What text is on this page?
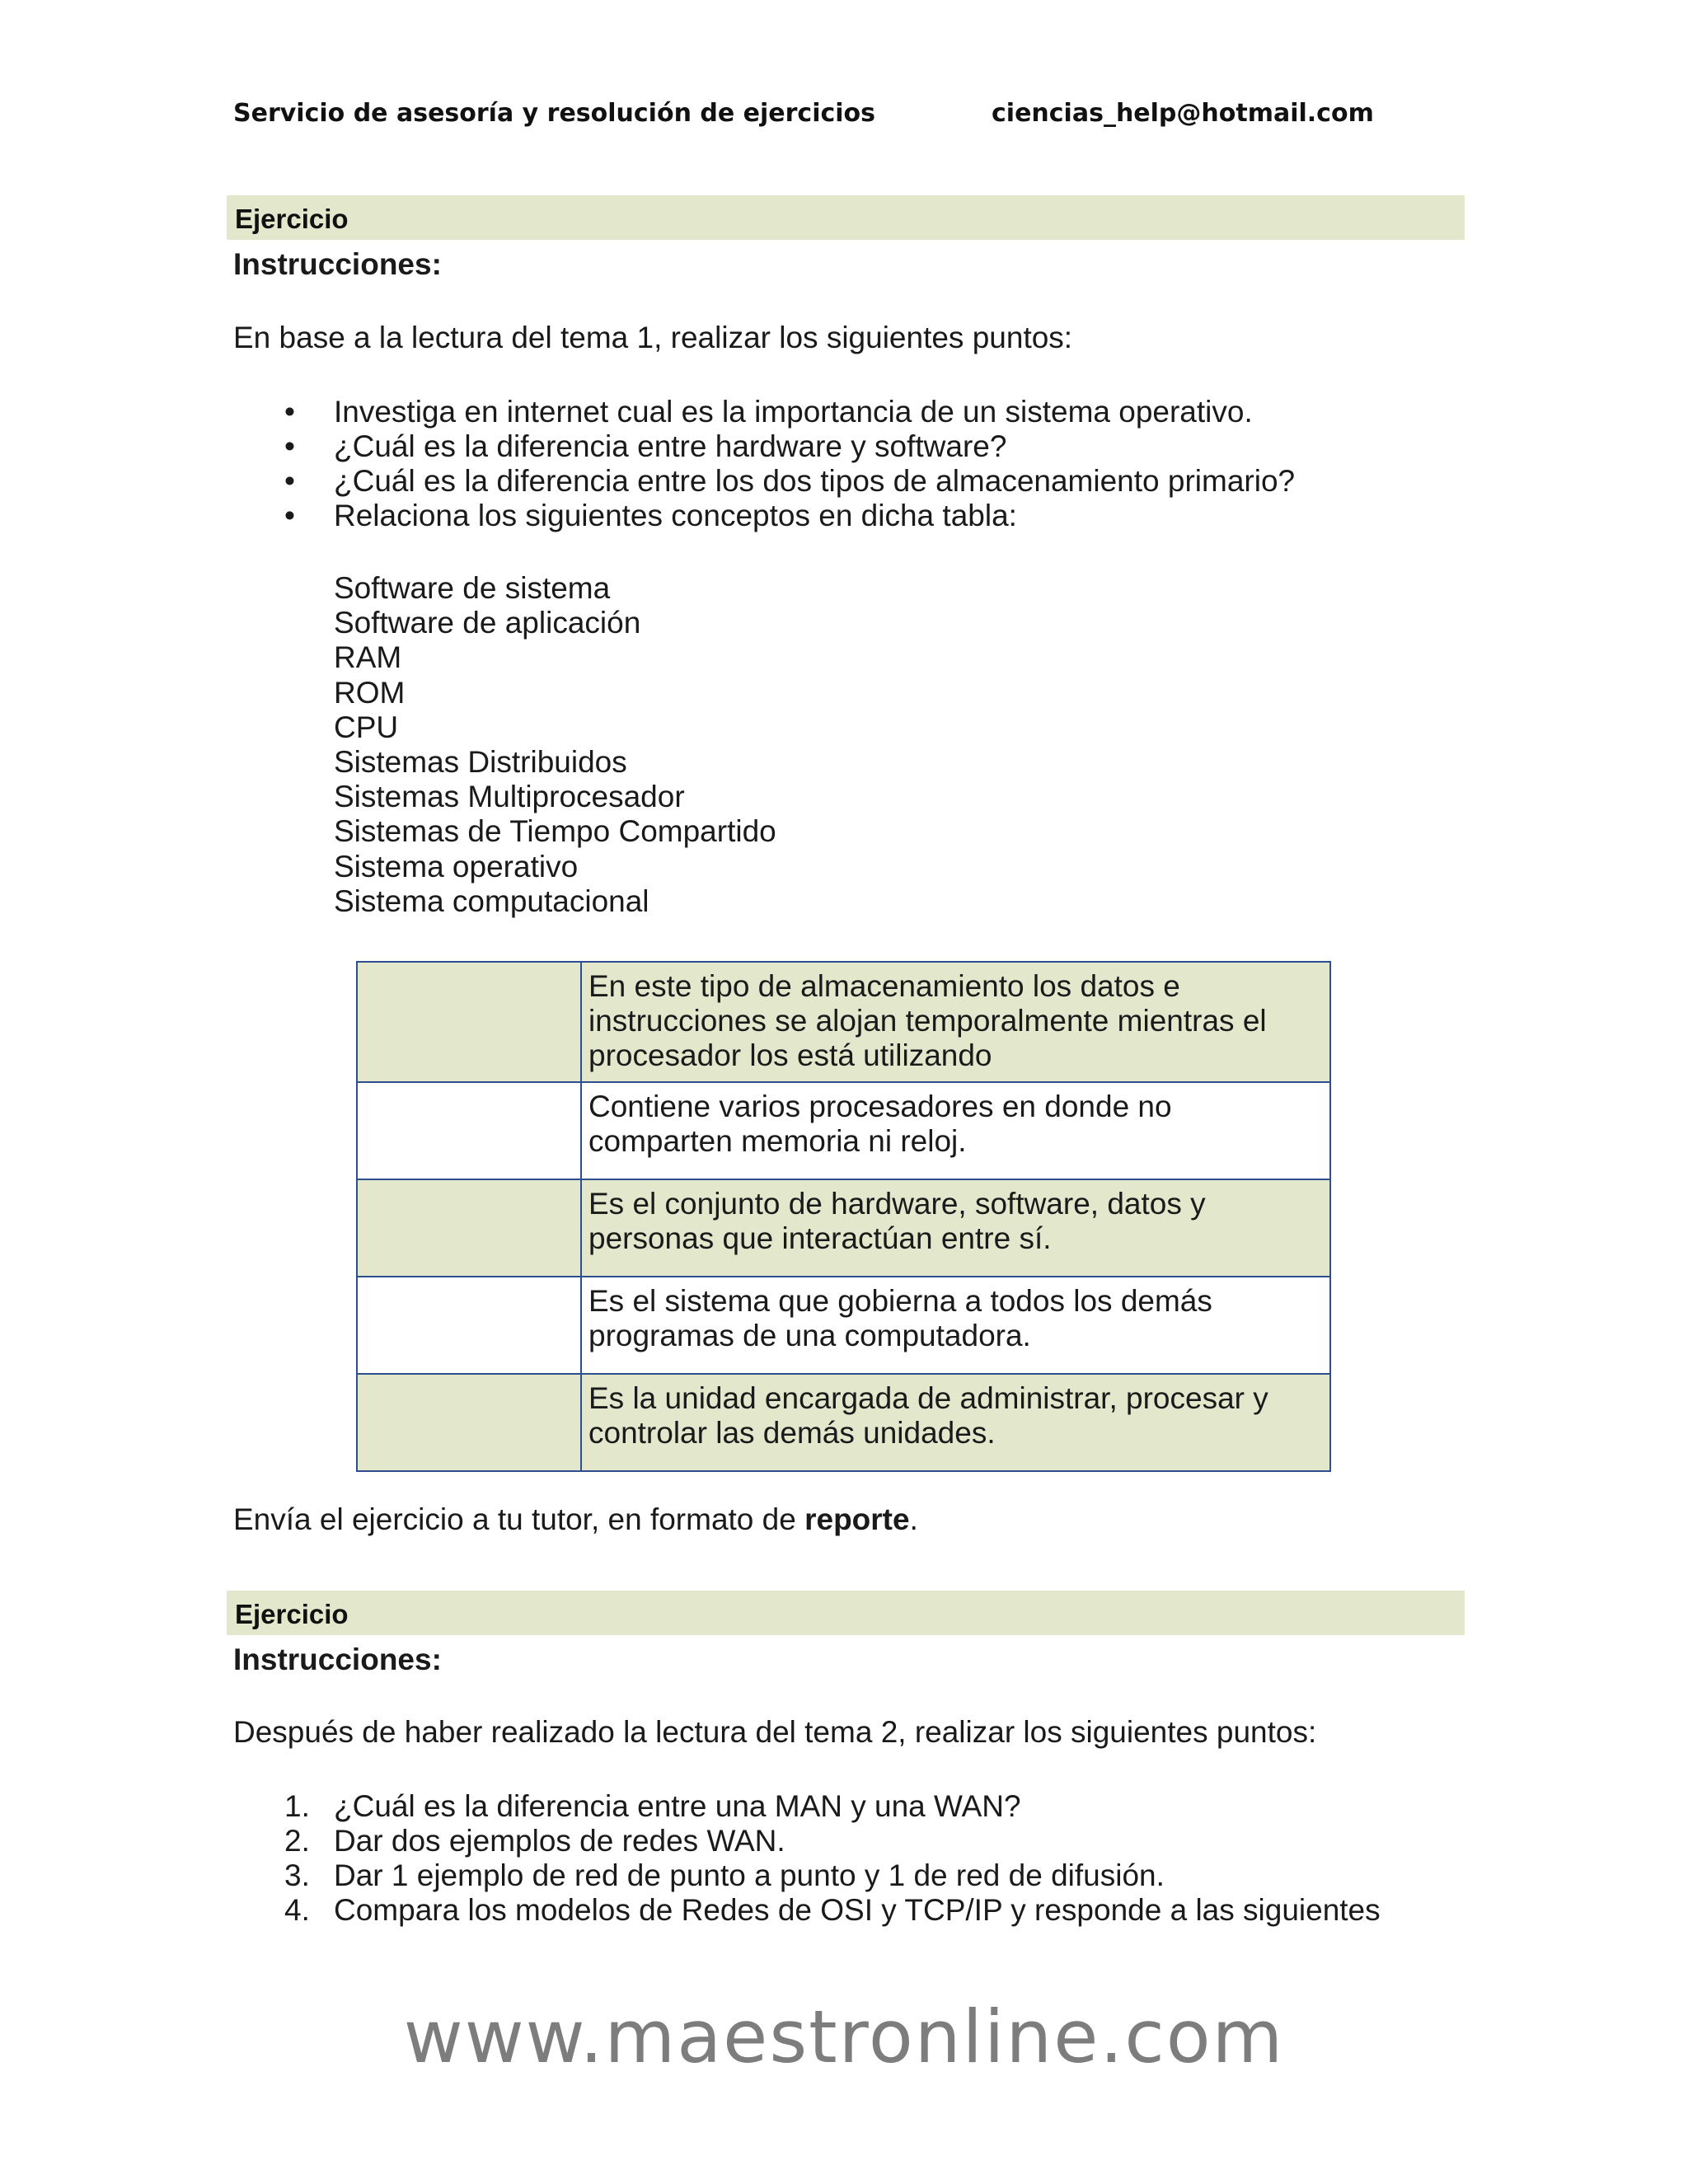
Servicio de asesoría y resolución de ejercicios	ciencias_help@hotmail.com
Ejercicio
Instrucciones:
En base a la lectura del tema 1, realizar los siguientes puntos:
•	Investiga en internet cual es la importancia de un sistema operativo.
•	¿Cuál es la diferencia entre hardware y software?
•	¿Cuál es la diferencia entre los dos tipos de almacenamiento primario?
•	Relaciona los siguientes conceptos en dicha tabla:
Software de sistema
Software de aplicación
RAM
ROM
CPU
Sistemas Distribuidos
Sistemas Multiprocesador
Sistemas de Tiempo Compartido
Sistema operativo
Sistema computacional
	En este tipo de almacenamiento los datos e instrucciones se alojan temporalmente mientras el procesador los está utilizando
	Contiene varios procesadores en donde no comparten memoria ni reloj.
	Es el conjunto de hardware, software, datos y personas que interactúan entre sí.
	Es el sistema que gobierna a todos los demás programas de una computadora.
	Es la unidad encargada de administrar, procesar y controlar las demás unidades.
Envía el ejercicio a tu tutor, en formato de reporte.
Ejercicio
Instrucciones:
Después de haber realizado la lectura del tema 2, realizar los siguientes puntos:
1. ¿Cuál es la diferencia entre una MAN y una WAN?
2. Dar dos ejemplos de redes WAN.
3. Dar 1 ejemplo de red de punto a punto y 1 de red de difusión.
4. Compara los modelos de Redes de OSI y TCP/IP y responde a las siguientes
www.maestronline.com
